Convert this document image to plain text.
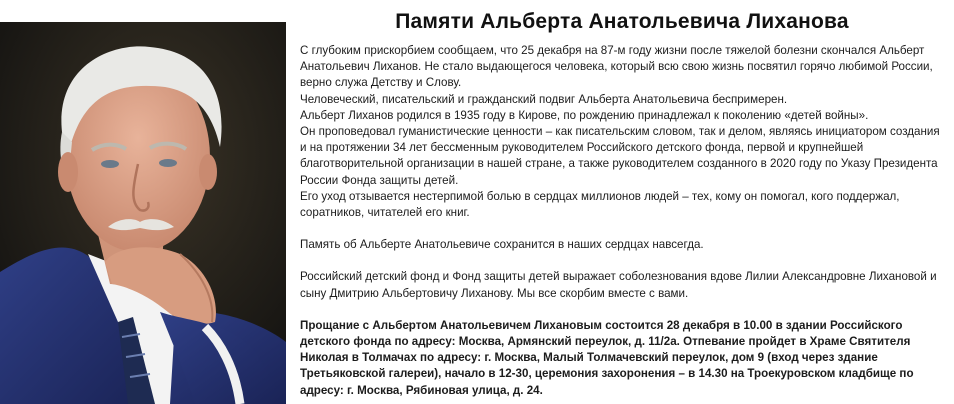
Памяти Альберта Анатольевича Лиханова

С глубоким прискорбием сообщаем, что 25 декабря на 87-м году жизни после тяжелой болезни скончался Альберт Анатольевич Лиханов. Не стало выдающегося человека, который всю свою жизнь посвятил горячо любимой России, верно служа Детству и Слову.

Человеческий, писательский и гражданский подвиг Альберта Анатольевича беспримерен.

Альберт Лиханов родился в 1935 году в Кирове, по рождению принадлежал к поколению «детей войны».

Он проповедовал гуманистические ценности – как писательским словом, так и делом, являясь инициатором создания и на протяжении 34 лет бессменным руководителем Российского детского фонда, первой и крупнейшей благотворительной организации в нашей стране, а также руководителем созданного в 2020 году по Указу Президента России Фонда защиты детей.

Его уход отзывается нестерпимой болью в сердцах миллионов людей – тех, кому он помогал, кого поддержал, соратников, читателей его книг.

Память об Альберте Анатольевиче сохранится в наших сердцах навсегда.

Российский детский фонд и Фонд защиты детей выражает соболезнования вдове Лилии Александровне Лихановой и сыну Дмитрию Альбертовичу Лиханову. Мы все скорбим вместе с вами.

Прощание с Альбертом Анатольевичем Лихановым состоится 28 декабря в 10.00 в здании Российского детского фонда по адресу: Москва, Армянский переулок, д. 11/2а. Отпевание пройдет в Храме Святителя Николая в Толмачах по адресу: г. Москва, Малый Толмачевский переулок, дом 9 (вход через здание Третьяковской галереи), начало в 12-30, церемония захоронения – в 14.30 на Троекуровском кладбище по адресу: г. Москва, Рябиновая улица, д. 24.
